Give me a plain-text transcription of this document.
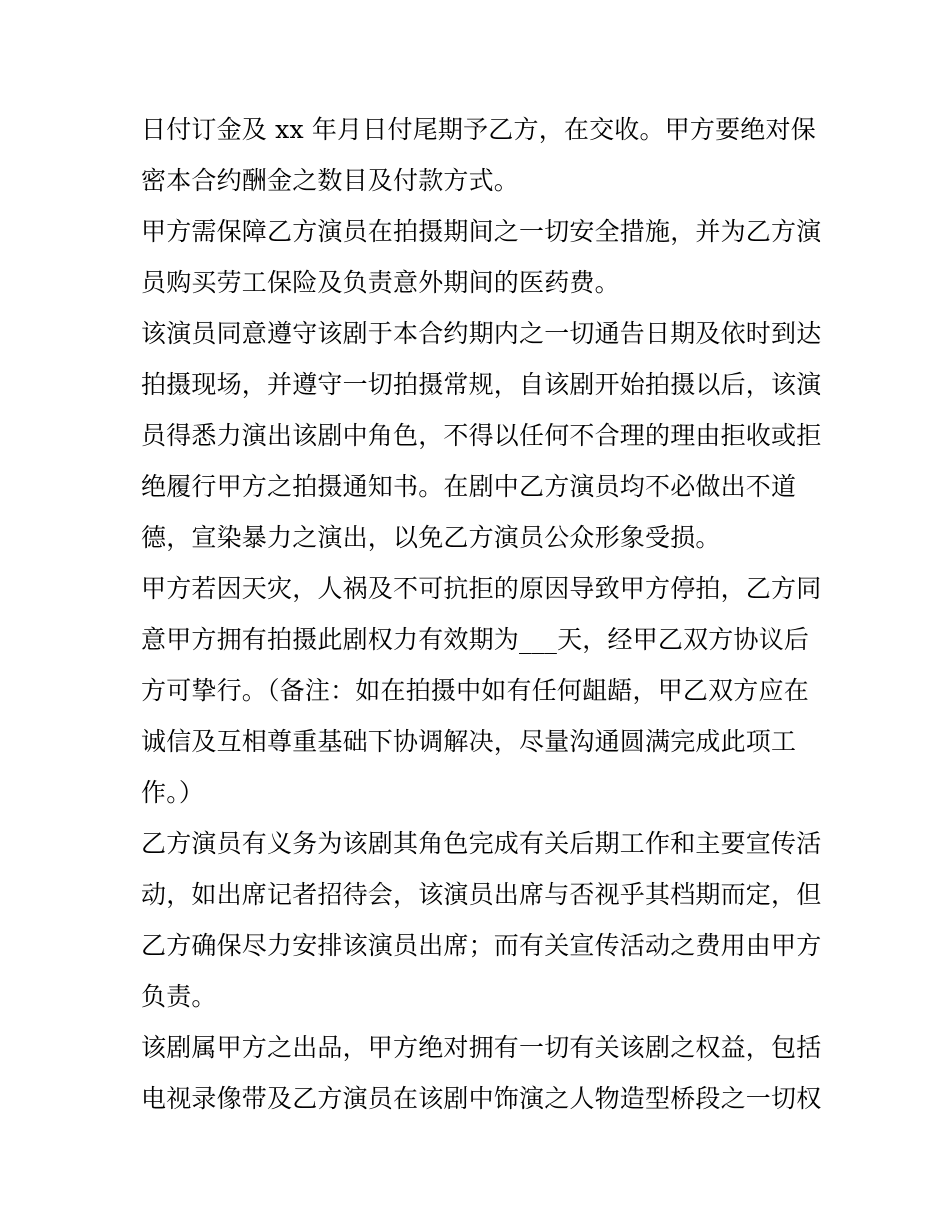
日付订金及 xx 年月日付尾期予乙方，在交收。甲方要绝对保
密本合约酬金之数目及付款方式。
甲方需保障乙方演员在拍摄期间之一切安全措施，并为乙方演
员购买劳工保险及负责意外期间的医药费。
该演员同意遵守该剧于本合约期内之一切通告日期及依时到达
拍摄现场，并遵守一切拍摄常规，自该剧开始拍摄以后，该演
员得悉力演出该剧中角色，不得以任何不合理的理由拒收或拒
绝履行甲方之拍摄通知书。在剧中乙方演员均不必做出不道
德，宣染暴力之演出，以免乙方演员公众形象受损。
甲方若因天灾，人祸及不可抗拒的原因导致甲方停拍，乙方同
意甲方拥有拍摄此剧权力有效期为___天，经甲乙双方协议后
方可挚行。（备注：如在拍摄中如有任何龃龉，甲乙双方应在
诚信及互相尊重基础下协调解决，尽量沟通圆满完成此项工
作。）
乙方演员有义务为该剧其角色完成有关后期工作和主要宣传活
动，如出席记者招待会，该演员出席与否视乎其档期而定，但
乙方确保尽力安排该演员出席；而有关宣传活动之费用由甲方
负责。
该剧属甲方之出品，甲方绝对拥有一切有关该剧之权益，包括
电视录像带及乙方演员在该剧中饰演之人物造型桥段之一切权
